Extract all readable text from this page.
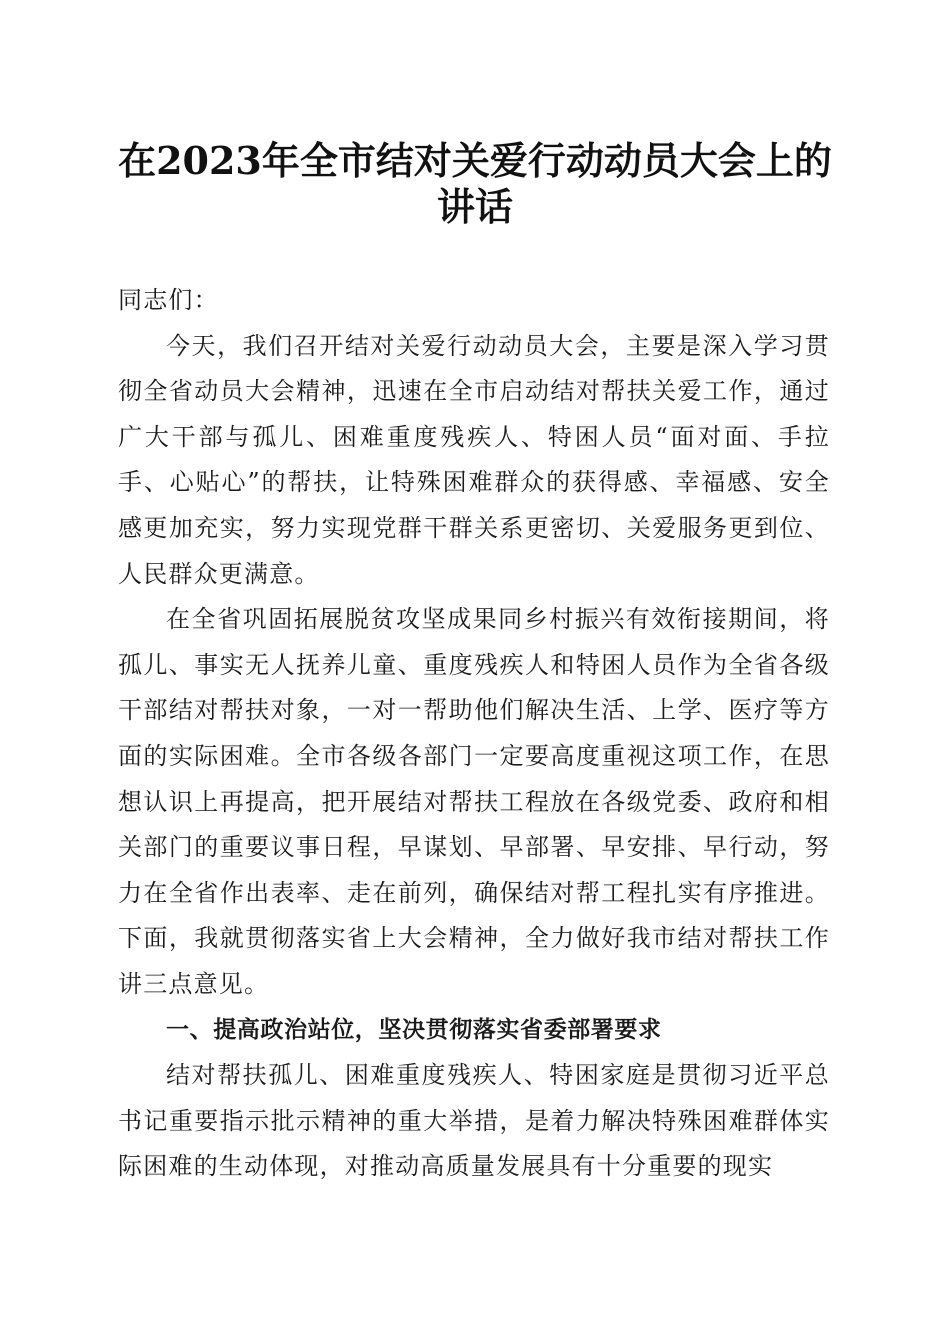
在2023年全市结对关爱行动动员大会上的讲话

同志们：

今天，我们召开结对关爱行动动员大会，主要是深入学习贯彻全省动员大会精神，迅速在全市启动结对帮扶关爱工作，通过广大干部与孤儿、困难重度残疾人、特困人员“面对面、手拉手、心贴心”的帮扶，让特殊困难群众的获得感、幸福感、安全感更加充实，努力实现党群干群关系更密切、关爱服务更到位、人民群众更满意。

在全省巩固拓展脱贫攻坚成果同乡村振兴有效衔接期间，将孤儿、事实无人抚养儿童、重度残疾人和特困人员作为全省各级干部结对帮扶对象，一对一帮助他们解决生活、上学、医疗等方面的实际困难。全市各级各部门一定要高度重视这项工作，在思想认识上再提高，把开展结对帮扶工程放在各级党委、政府和相关部门的重要议事日程，早谋划、早部署、早安排、早行动，努力在全省作出表率、走在前列，确保结对帮工程扎实有序推进。下面，我就贯彻落实省上大会精神，全力做好我市结对帮扶工作讲三点意见。

一、提高政治站位，坚决贯彻落实省委部署要求

结对帮扶孤儿、困难重度残疾人、特困家庭是贯彻习近平总书记重要指示批示精神的重大举措，是着力解决特殊困难群体实际困难的生动体现，对推动高质量发展具有十分重要的现实
